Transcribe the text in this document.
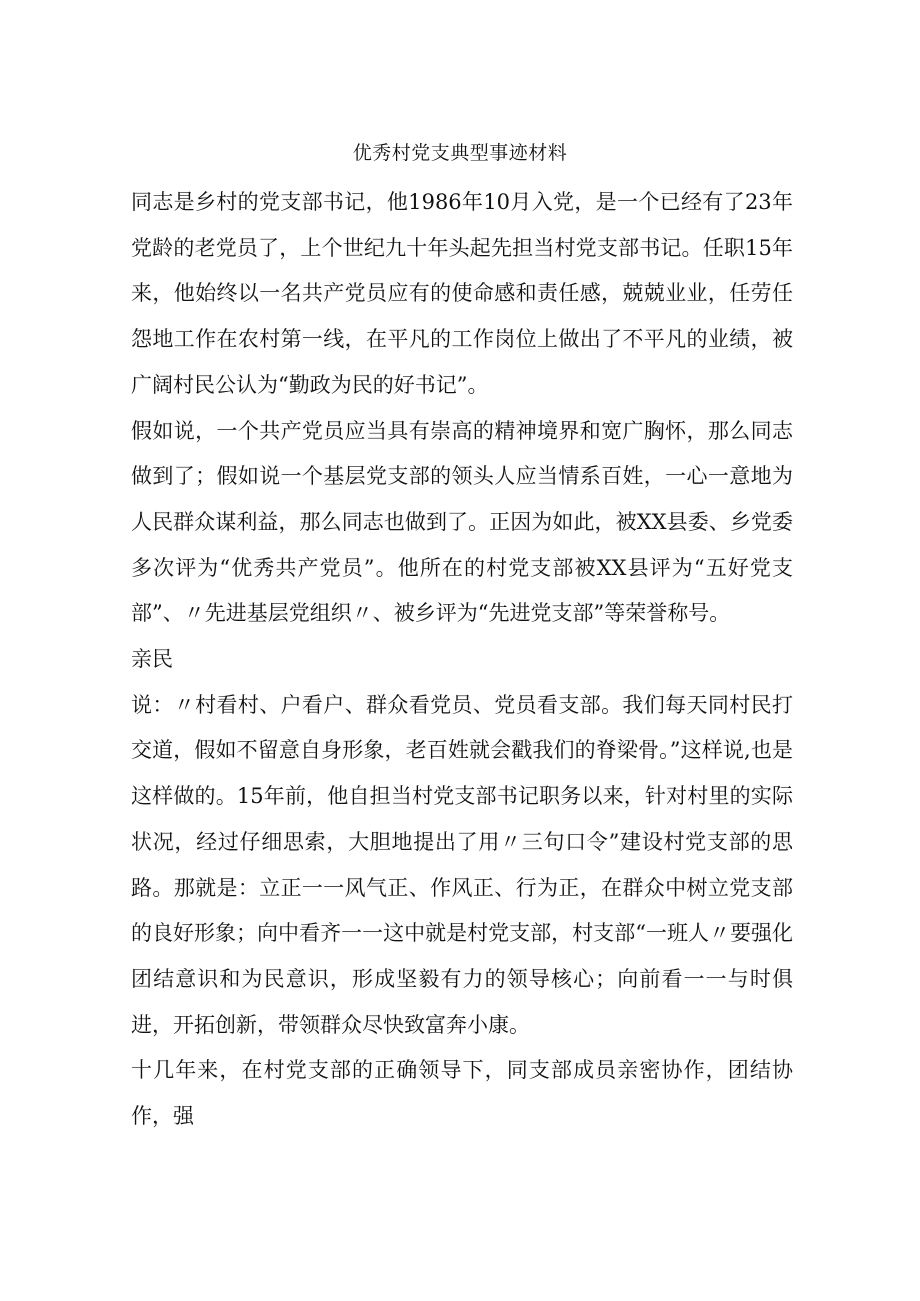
优秀村党支典型事迹材料

同志是乡村的党支部书记，他1986年10月入党，是一个已经有了23年党龄的老党员了，上个世纪九十年头起先担当村党支部书记。任职15年来，他始终以一名共产党员应有的使命感和责任感，兢兢业业，任劳任怨地工作在农村第一线，在平凡的工作岗位上做出了不平凡的业绩，被广阔村民公认为“勤政为民的好书记”。

假如说，一个共产党员应当具有崇高的精神境界和宽广胸怀，那么同志做到了；假如说一个基层党支部的领头人应当情系百姓，一心一意地为人民群众谋利益，那么同志也做到了。正因为如此，被XX县委、乡党委多次评为“优秀共产党员”。他所在的村党支部被XX县评为“五好党支部”、〃先进基层党组织〃、被乡评为“先进党支部”等荣誉称号。

亲民

说：〃村看村、户看户、群众看党员、党员看支部。我们每天同村民打交道，假如不留意自身形象，老百姓就会戳我们的脊梁骨。”这样说,也是这样做的。15年前，他自担当村党支部书记职务以来，针对村里的实际状况，经过仔细思索，大胆地提出了用〃三句口令”建设村党支部的思路。那就是：立正一一风气正、作风正、行为正，在群众中树立党支部的良好形象；向中看齐一一这中就是村党支部，村支部“一班人〃要强化团结意识和为民意识，形成坚毅有力的领导核心；向前看一一与时俱进，开拓创新，带领群众尽快致富奔小康。

十几年来，在村党支部的正确领导下，同支部成员亲密协作，团结协作，强
